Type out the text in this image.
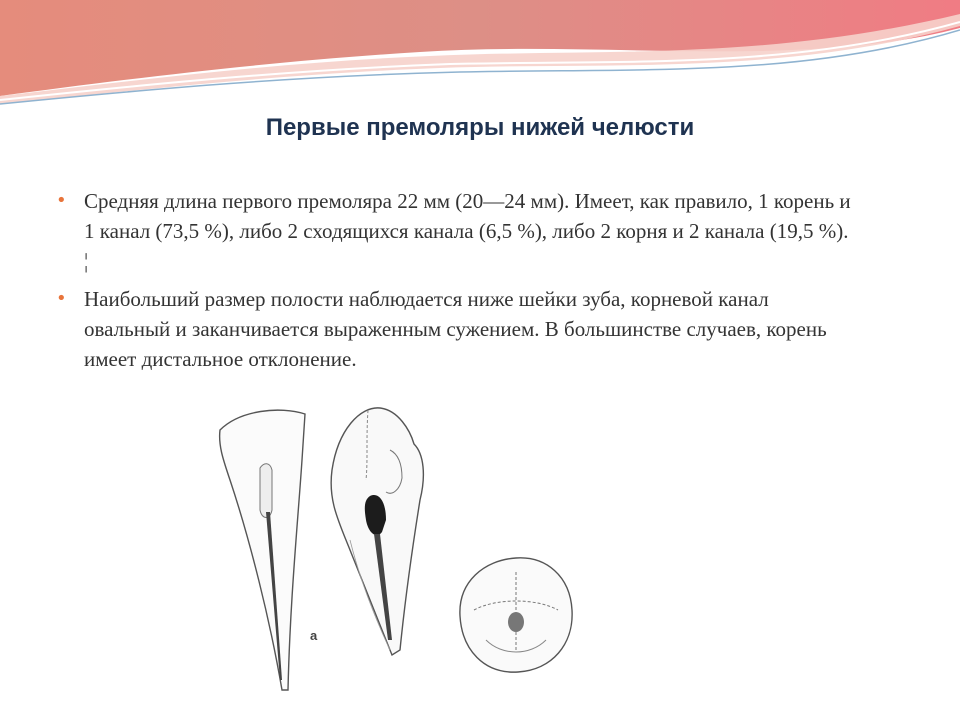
Первые премоляры нижей челюсти
• Средняя длина первого премоляра 22 мм (20—24 мм). Имеет, как правило, 1 корень и 1 канал (73,5 %), либо 2 сходящихся канала (6,5 %), либо 2 корня и 2 канала (19,5 %). ¦
• Наибольший размер полости наблюдается ниже шейки зуба, корневой канал овальный и заканчивается выраженным сужением. В большинстве случаев, корень имеет дистальное отклонение.
a
